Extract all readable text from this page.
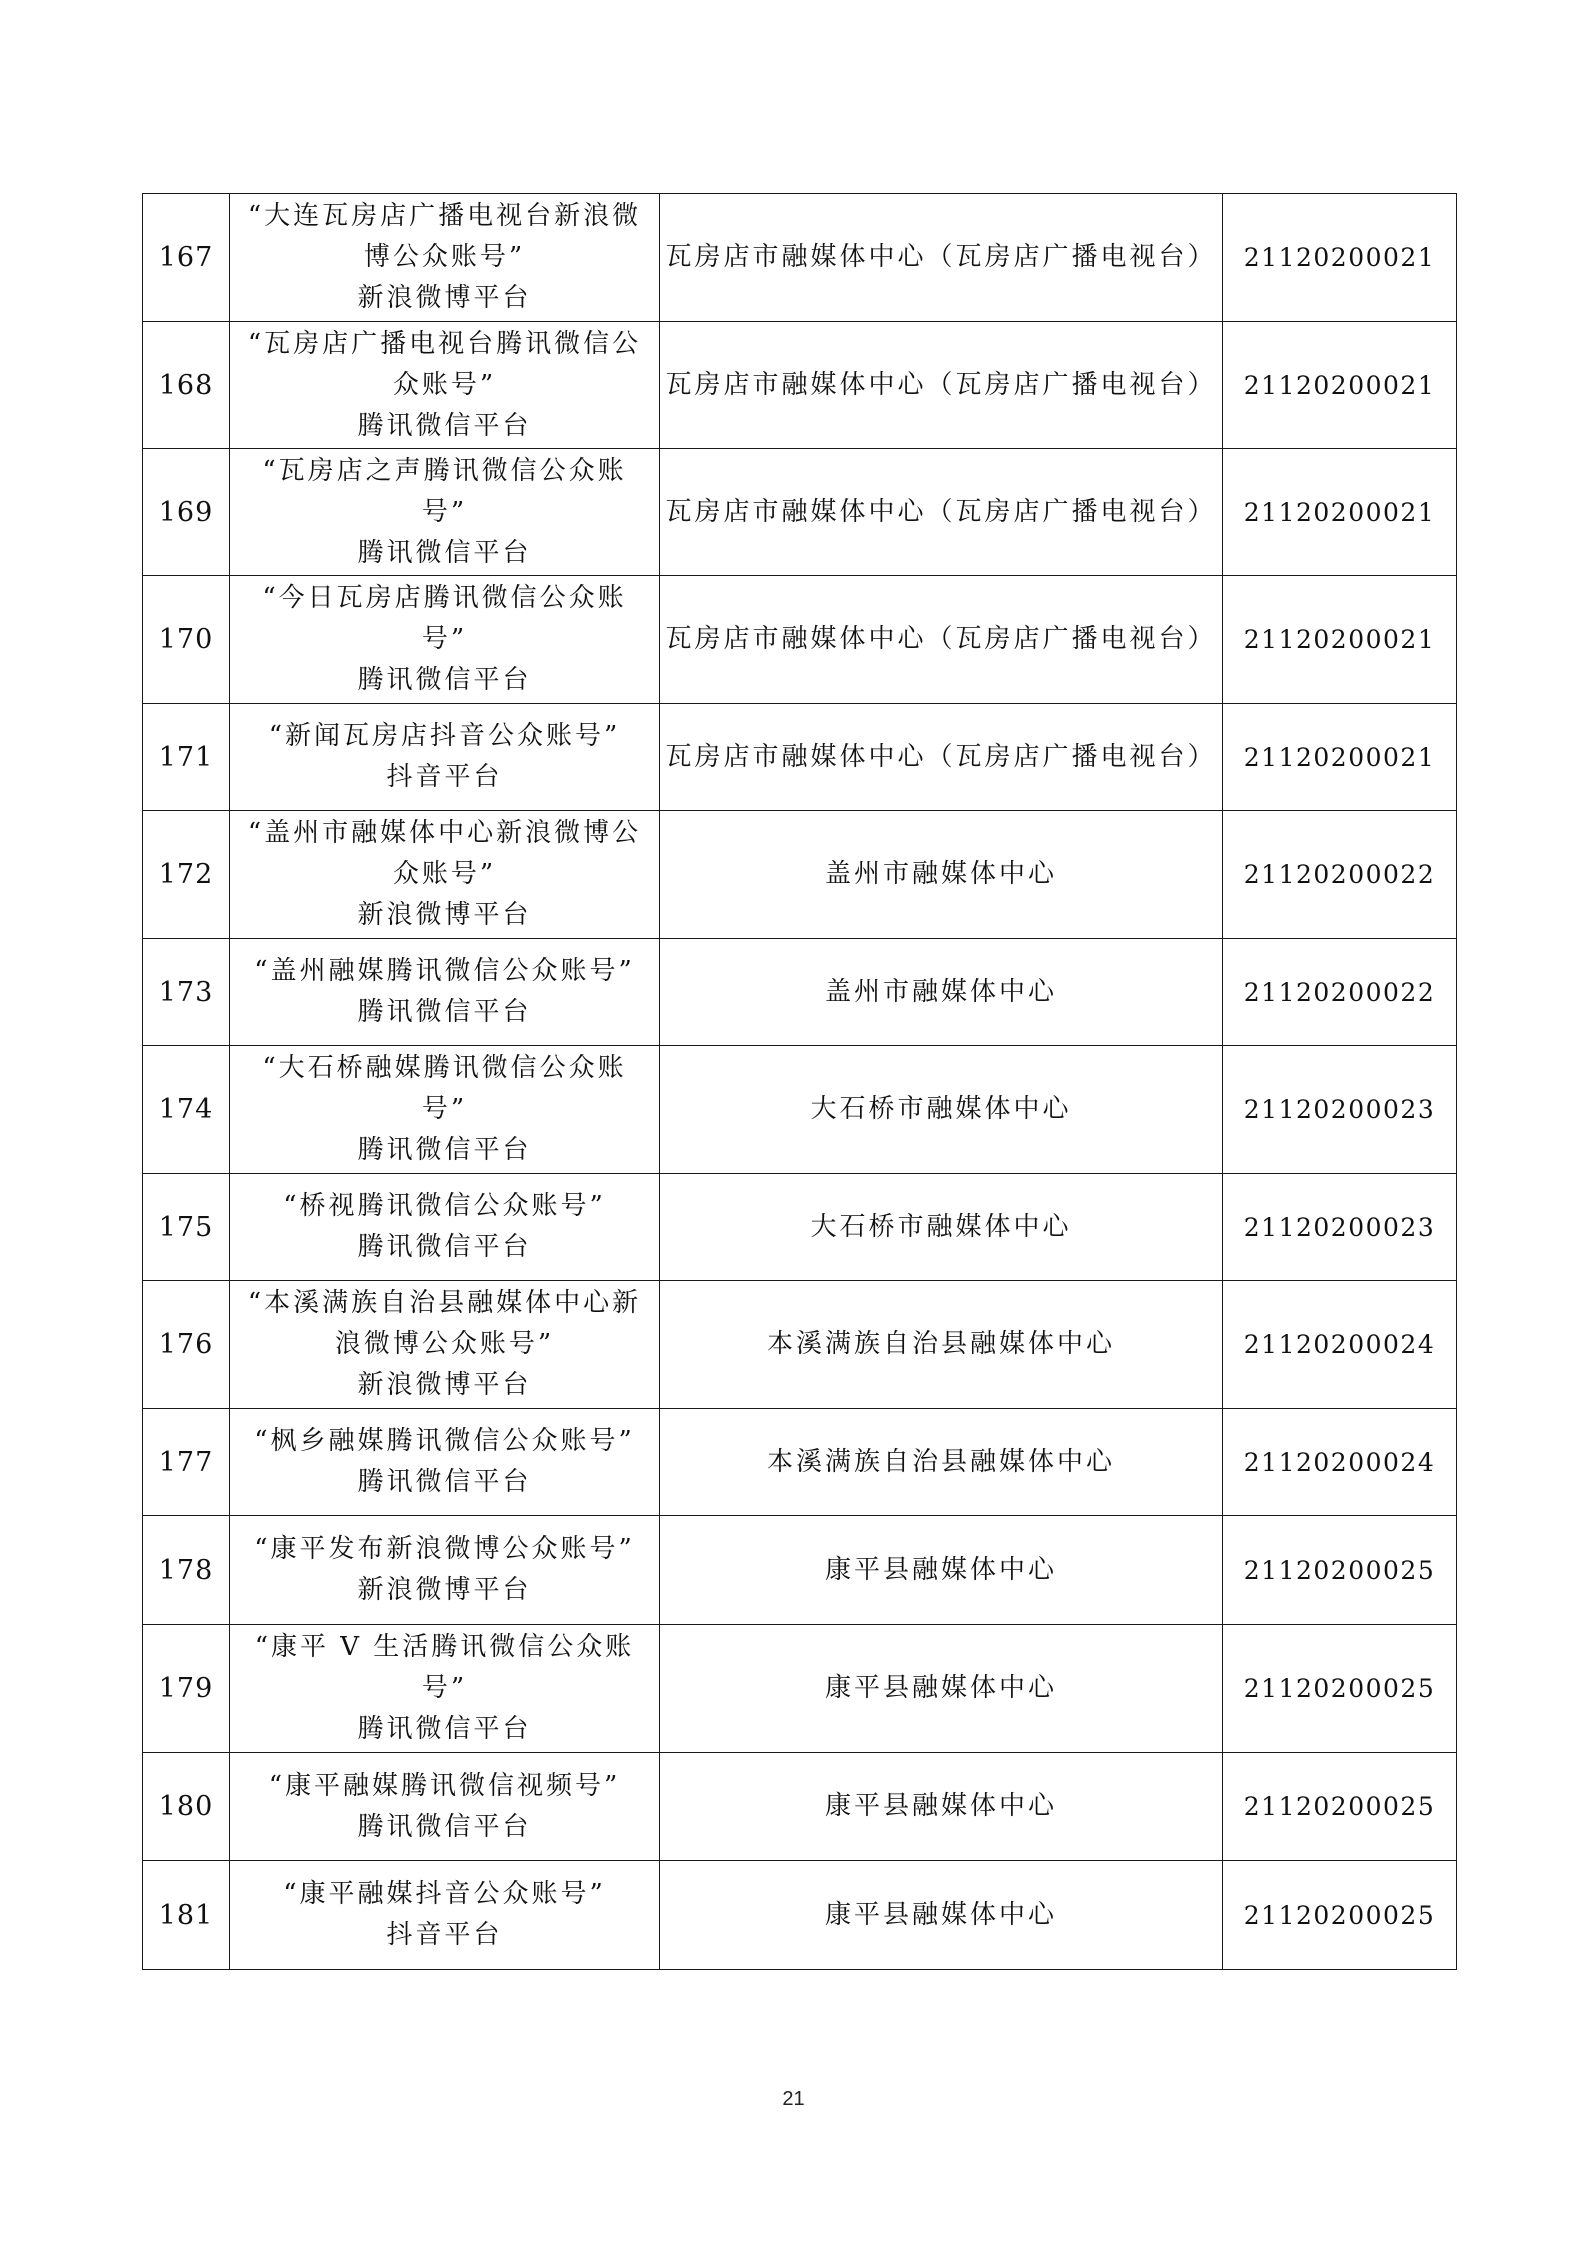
167	“大连瓦房店广播电视台新浪微
博公众账号”
新浪微博平台	瓦房店市融媒体中心（瓦房店广播电视台）	21120200021
168	“瓦房店广播电视台腾讯微信公
众账号”
腾讯微信平台	瓦房店市融媒体中心（瓦房店广播电视台）	21120200021
169	“瓦房店之声腾讯微信公众账
号”
腾讯微信平台	瓦房店市融媒体中心（瓦房店广播电视台）	21120200021
170	“今日瓦房店腾讯微信公众账
号”
腾讯微信平台	瓦房店市融媒体中心（瓦房店广播电视台）	21120200021
171	“新闻瓦房店抖音公众账号”
抖音平台	瓦房店市融媒体中心（瓦房店广播电视台）	21120200021
172	“盖州市融媒体中心新浪微博公
众账号”
新浪微博平台	盖州市融媒体中心	21120200022
173	“盖州融媒腾讯微信公众账号”
腾讯微信平台	盖州市融媒体中心	21120200022
174	“大石桥融媒腾讯微信公众账
号”
腾讯微信平台	大石桥市融媒体中心	21120200023
175	“桥视腾讯微信公众账号”
腾讯微信平台	大石桥市融媒体中心	21120200023
176	“本溪满族自治县融媒体中心新
浪微博公众账号”
新浪微博平台	本溪满族自治县融媒体中心	21120200024
177	“枫乡融媒腾讯微信公众账号”
腾讯微信平台	本溪满族自治县融媒体中心	21120200024
178	“康平发布新浪微博公众账号”
新浪微博平台	康平县融媒体中心	21120200025
179	“康平 V 生活腾讯微信公众账
号”
腾讯微信平台	康平县融媒体中心	21120200025
180	“康平融媒腾讯微信视频号”
腾讯微信平台	康平县融媒体中心	21120200025
181	“康平融媒抖音公众账号”
抖音平台	康平县融媒体中心	21120200025
21
